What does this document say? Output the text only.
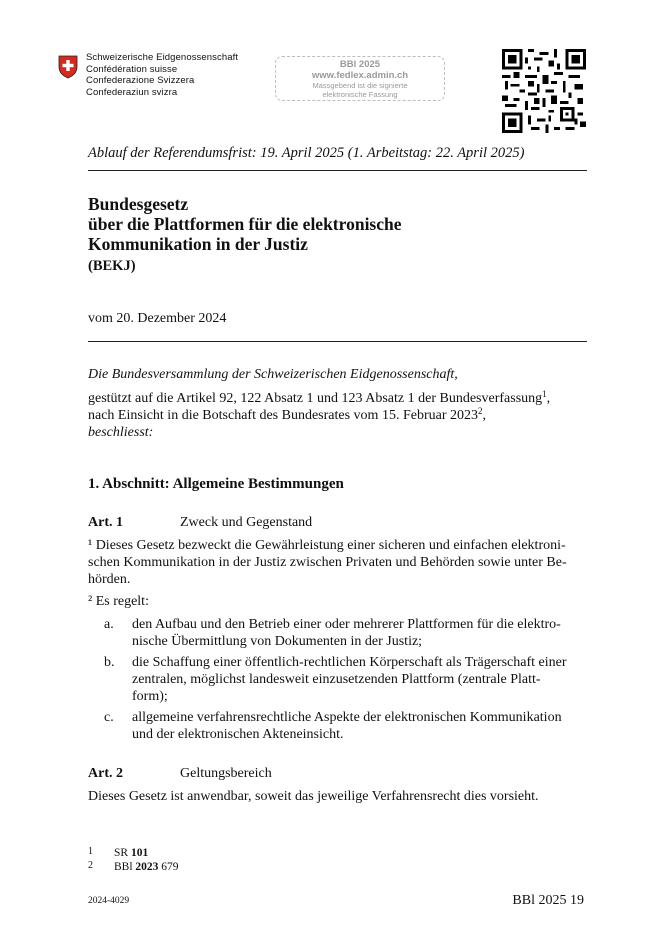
Schweizerische Eidgenossenschaft
Confédération suisse
Confederazione Svizzera
Confederaziun svizra
BBl 2025
www.fedlex.admin.ch
Massgebend ist die signierte
elektronische Fassung
Ablauf der Referendumsfrist: 19. April 2025 (1. Arbeitstag: 22. April 2025)
Bundesgesetz
über die Plattformen für die elektronische
Kommunikation in der Justiz
(BEKJ)
vom 20. Dezember 2024
Die Bundesversammlung der Schweizerischen Eidgenossenschaft,
gestützt auf die Artikel 92, 122 Absatz 1 und 123 Absatz 1 der Bundesverfassung$^1$,
nach Einsicht in die Botschaft des Bundesrates vom 15. Februar 2023$^2$,
beschliesst:
1. Abschnitt: Allgemeine Bestimmungen
Art. 1	Zweck und Gegenstand
¹ Dieses Gesetz bezweckt die Gewährleistung einer sicheren und einfachen elektroni-
schen Kommunikation in der Justiz zwischen Privaten und Behörden sowie unter Be-
hörden.
² Es regelt:
a. den Aufbau und den Betrieb einer oder mehrerer Plattformen für die elektro-
nische Übermittlung von Dokumenten in der Justiz;
b. die Schaffung einer öffentlich-rechtlichen Körperschaft als Trägerschaft einer
zentralen, möglichst landesweit einzusetzenden Plattform (zentrale Platt-
form);
c. allgemeine verfahrensrechtliche Aspekte der elektronischen Kommunikation
und der elektronischen Akteneinsicht.
Art. 2	Geltungsbereich
Dieses Gesetz ist anwendbar, soweit das jeweilige Verfahrensrecht dies vorsieht.
1 SR 101
2 BBl 2023 679
2024-4029	BBl 2025 19
